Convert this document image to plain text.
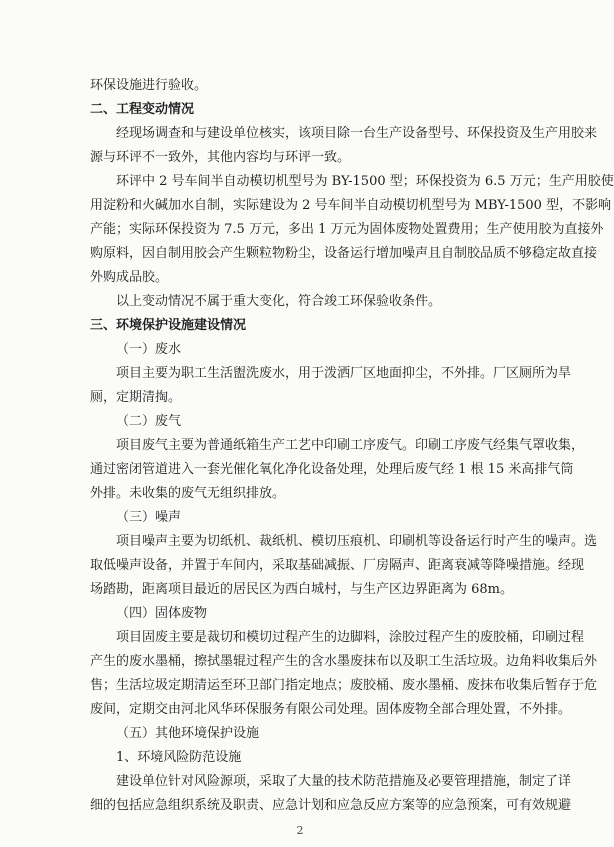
环保设施进行验收。
二、工程变动情况
经现场调查和与建设单位核实，该项目除一台生产设备型号、环保投资及生产用胶来
源与环评不一致外，其他内容均与环评一致。
环评中 2 号车间半自动模切机型号为 BY-1500 型；环保投资为 6.5 万元；生产用胶使
用淀粉和火碱加水自制，实际建设为 2 号车间半自动模切机型号为 MBY-1500 型，不影响
产能；实际环保投资为 7.5 万元，多出 1 万元为固体废物处置费用；生产使用胶为直接外
购原料，因自制用胶会产生颗粒物粉尘，设备运行增加噪声且自制胶品质不够稳定故直接
外购成品胶。
以上变动情况不属于重大变化，符合竣工环保验收条件。
三、环境保护设施建设情况
（一）废水
项目主要为职工生活盥洗废水，用于泼洒厂区地面抑尘，不外排。厂区厕所为旱
厕，定期清掏。
（二）废气
项目废气主要为普通纸箱生产工艺中印刷工序废气。印刷工序废气经集气罩收集，
通过密闭管道进入一套光催化氧化净化设备处理，处理后废气经 1 根 15 米高排气筒
外排。未收集的废气无组织排放。
（三）噪声
项目噪声主要为切纸机、裁纸机、模切压痕机、印刷机等设备运行时产生的噪声。选
取低噪声设备，并置于车间内，采取基础减振、厂房隔声、距离衰减等降噪措施。经现
场踏勘，距离项目最近的居民区为西白城村，与生产区边界距离为 68m。
（四）固体废物
项目固废主要是裁切和模切过程产生的边脚料，涂胶过程产生的废胶桶，印刷过程
产生的废水墨桶，擦拭墨辊过程产生的含水墨废抹布以及职工生活垃圾。边角料收集后外
售；生活垃圾定期清运至环卫部门指定地点；废胶桶、废水墨桶、废抹布收集后暂存于危
废间，定期交由河北风华环保服务有限公司处理。固体废物全部合理处置，不外排。
（五）其他环境保护设施
1、环境风险防范设施
建设单位针对风险源项，采取了大量的技术防范措施及必要管理措施，制定了详
细的包括应急组织系统及职责、应急计划和应急反应方案等的应急预案，可有效规避
2
